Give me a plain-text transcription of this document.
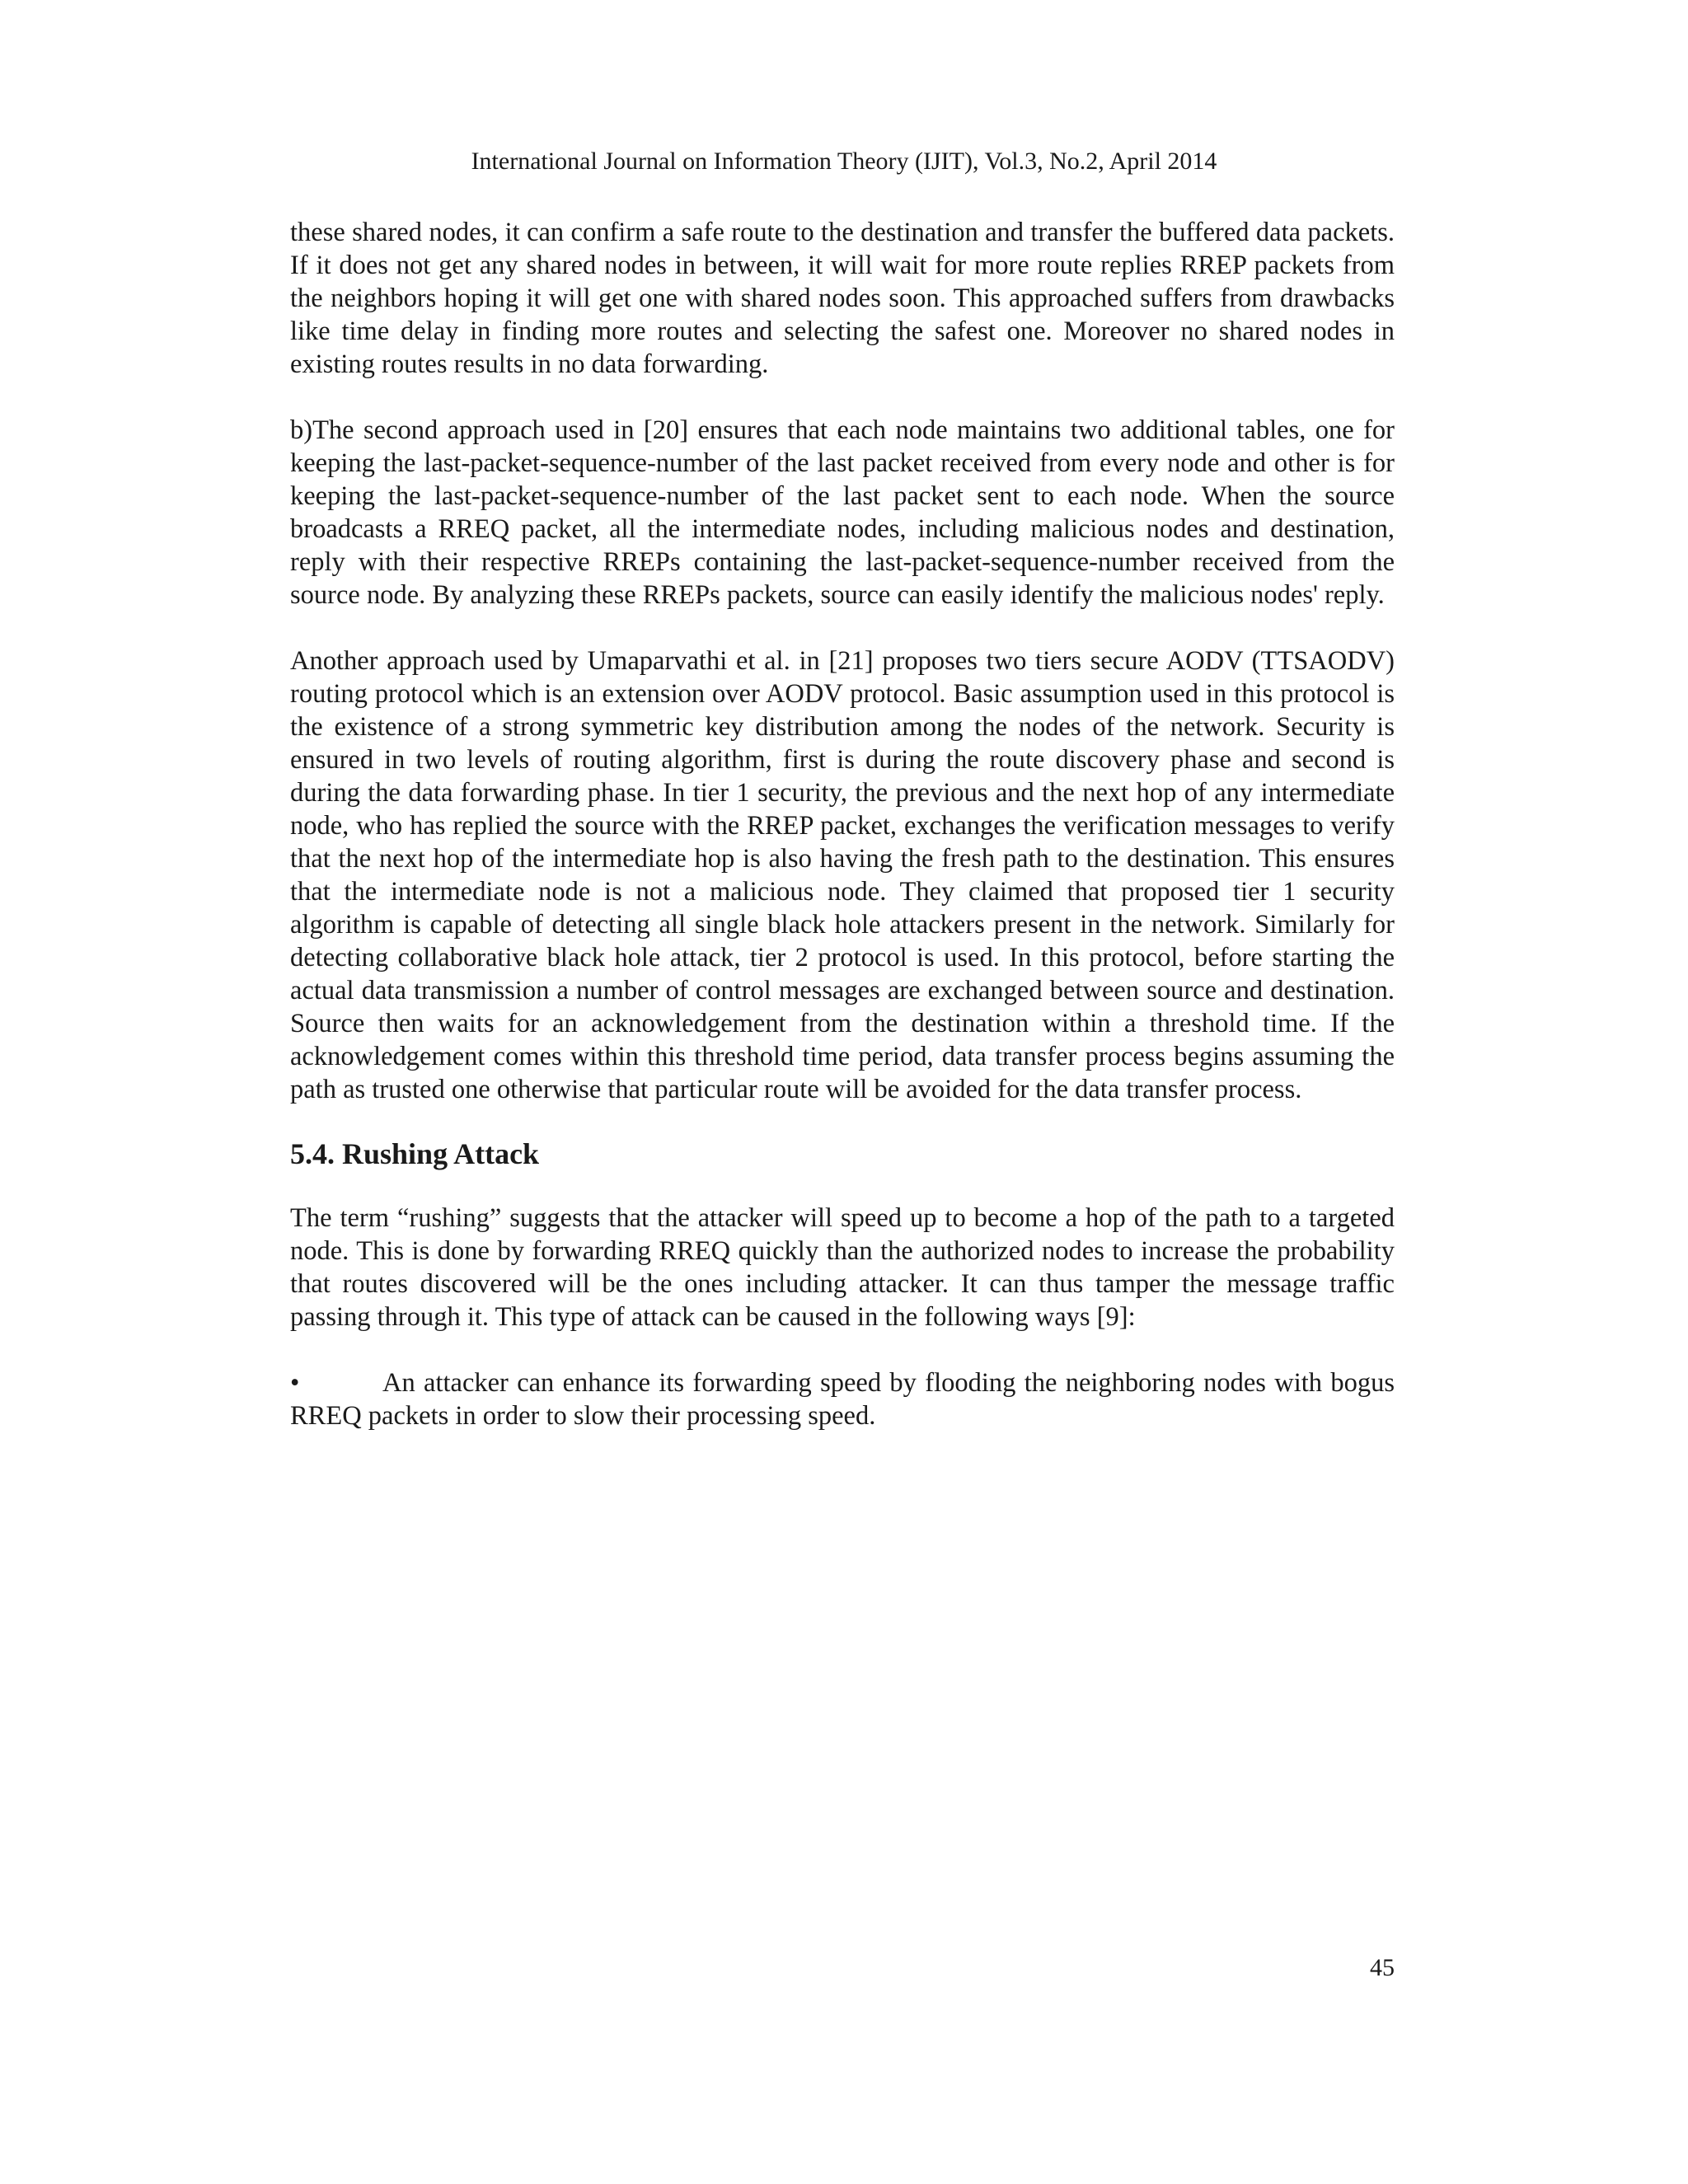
International Journal on Information Theory (IJIT), Vol.3, No.2, April 2014

these shared nodes, it can confirm a safe route to the destination and transfer the buffered data packets. If it does not get any shared nodes in between, it will wait for more route replies RREP packets from the neighbors hoping it will get one with shared nodes soon. This approached suffers from drawbacks like time delay in finding more routes and selecting the safest one. Moreover no shared nodes in existing routes results in no data forwarding.

b)The second approach used in [20] ensures that each node maintains two additional tables, one for keeping the last-packet-sequence-number of the last packet received from every node and other is for keeping the last-packet-sequence-number of the last packet sent to each node. When the source broadcasts a RREQ packet, all the intermediate nodes, including malicious nodes and destination, reply with their respective RREPs containing the last-packet-sequence-number received from the source node. By analyzing these RREPs packets, source can easily identify the malicious nodes' reply.

Another approach used by Umaparvathi et al. in [21] proposes two tiers secure AODV (TTSAODV) routing protocol which is an extension over AODV protocol. Basic assumption used in this protocol is the existence of a strong symmetric key distribution among the nodes of the network. Security is ensured in two levels of routing algorithm, first is during the route discovery phase and second is during the data forwarding phase. In tier 1 security, the previous and the next hop of any intermediate node, who has replied the source with the RREP packet, exchanges the verification messages to verify that the next hop of the intermediate hop is also having the fresh path to the destination. This ensures that the intermediate node is not a malicious node. They claimed that proposed tier 1 security algorithm is capable of detecting all single black hole attackers present in the network. Similarly for detecting collaborative black hole attack, tier 2 protocol is used. In this protocol, before starting the actual data transmission a number of control messages are exchanged between source and destination. Source then waits for an acknowledgement from the destination within a threshold time. If the acknowledgement comes within this threshold time period, data transfer process begins assuming the path as trusted one otherwise that particular route will be avoided for the data transfer process.

5.4. Rushing Attack

The term “rushing” suggests that the attacker will speed up to become a hop of the path to a targeted node. This is done by forwarding RREQ quickly than the authorized nodes to increase the probability that routes discovered will be the ones including attacker. It can thus tamper the message traffic passing through it. This type of attack can be caused in the following ways [9]:

•	An attacker can enhance its forwarding speed by flooding the neighboring nodes with bogus RREQ packets in order to slow their processing speed.

45
